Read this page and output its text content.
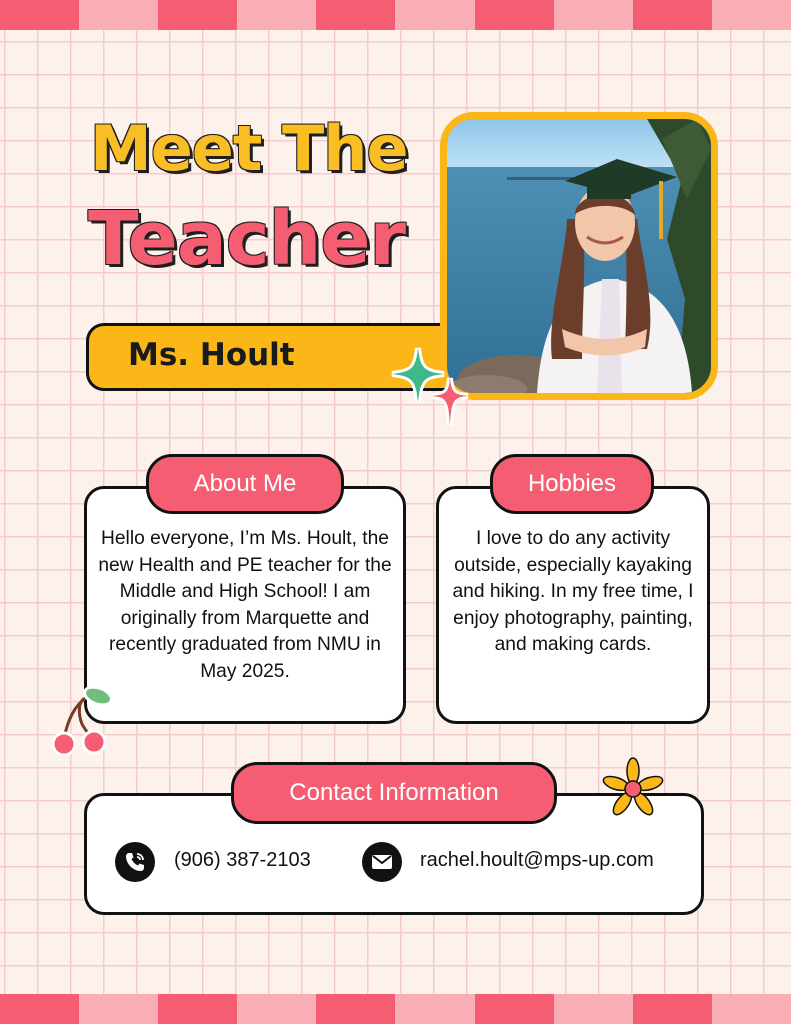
Meet The
Teacher
Ms. Hoult
About Me
Hello everyone, I’m Ms. Hoult, the new Health and PE teacher for the Middle and High School! I am originally from Marquette and recently graduated from NMU in May 2025.
Hobbies
I love to do any activity outside, especially kayaking and hiking. In my free time, I enjoy photography, painting, and making cards.
Contact Information
(906) 387-2103	rachel.hoult@mps-up.com
